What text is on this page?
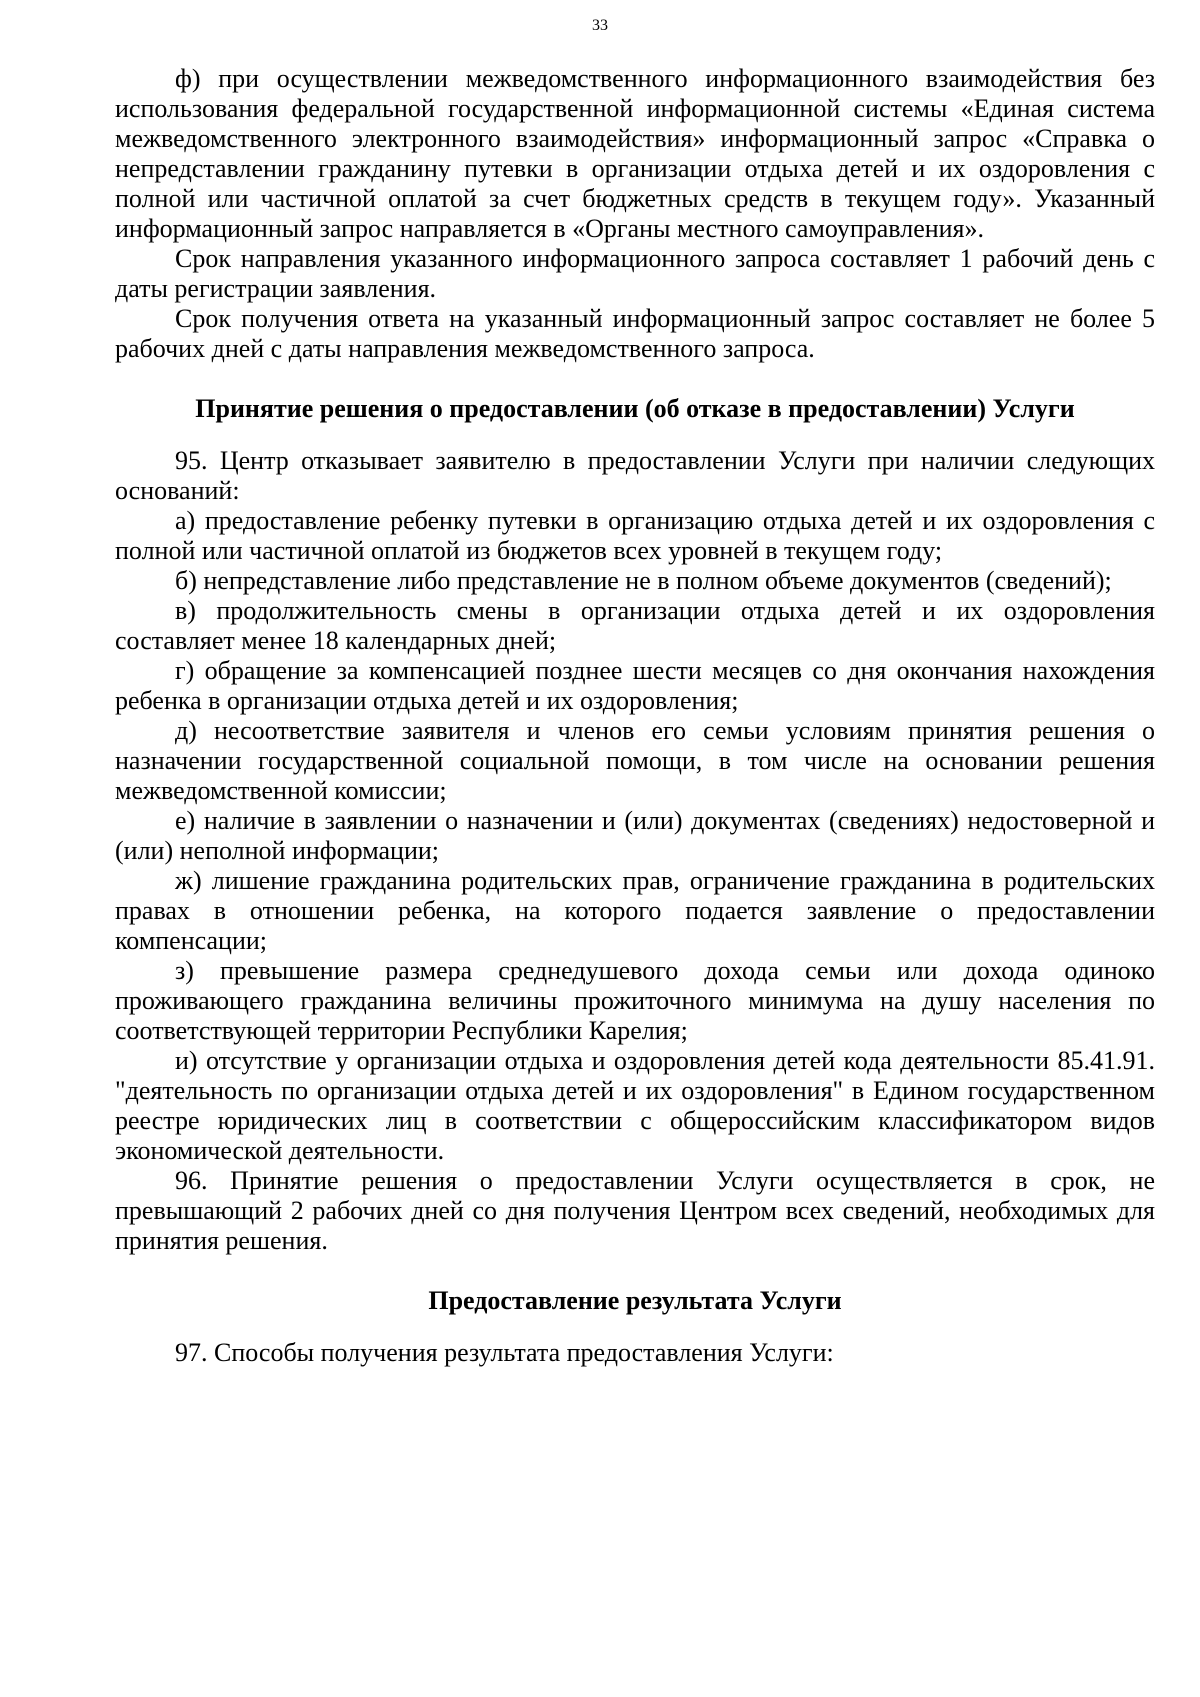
33

ф) при осуществлении межведомственного информационного взаимодействия без использования федеральной государственной информационной системы «Единая система межведомственного электронного взаимодействия» информационный запрос «Справка о непредставлении гражданину путевки в организации отдыха детей и их оздоровления с полной или частичной оплатой за счет бюджетных средств в текущем году». Указанный информационный запрос направляется в «Органы местного самоуправления».

Срок направления указанного информационного запроса составляет 1 рабочий день с даты регистрации заявления.

Срок получения ответа на указанный информационный запрос составляет не более 5 рабочих дней с даты направления межведомственного запроса.

Принятие решения о предоставлении (об отказе в предоставлении) Услуги

95. Центр отказывает заявителю в предоставлении Услуги при наличии следующих оснований:

а) предоставление ребенку путевки в организацию отдыха детей и их оздоровления с полной или частичной оплатой из бюджетов всех уровней в текущем году;

б) непредставление либо представление не в полном объеме документов (сведений);

в) продолжительность смены в организации отдыха детей и их оздоровления составляет менее 18 календарных дней;

г) обращение за компенсацией позднее шести месяцев со дня окончания нахождения ребенка в организации отдыха детей и их оздоровления;

д) несоответствие заявителя и членов его семьи условиям принятия решения о назначении государственной социальной помощи, в том числе на основании решения межведомственной комиссии;

е) наличие в заявлении о назначении и (или) документах (сведениях) недостоверной и (или) неполной информации;

ж) лишение гражданина родительских прав, ограничение гражданина в родительских правах в отношении ребенка, на которого подается заявление о предоставлении компенсации;

з) превышение размера среднедушевого дохода семьи или дохода одиноко проживающего гражданина величины прожиточного минимума на душу населения по соответствующей территории Республики Карелия;

и) отсутствие у организации отдыха и оздоровления детей кода деятельности 85.41.91. "деятельность по организации отдыха детей и их оздоровления" в Едином государственном реестре юридических лиц в соответствии с общероссийским классификатором видов экономической деятельности.

96. Принятие решения о предоставлении Услуги осуществляется в срок, не превышающий 2 рабочих дней со дня получения Центром всех сведений, необходимых для принятия решения.

Предоставление результата Услуги

97. Способы получения результата предоставления Услуги:
